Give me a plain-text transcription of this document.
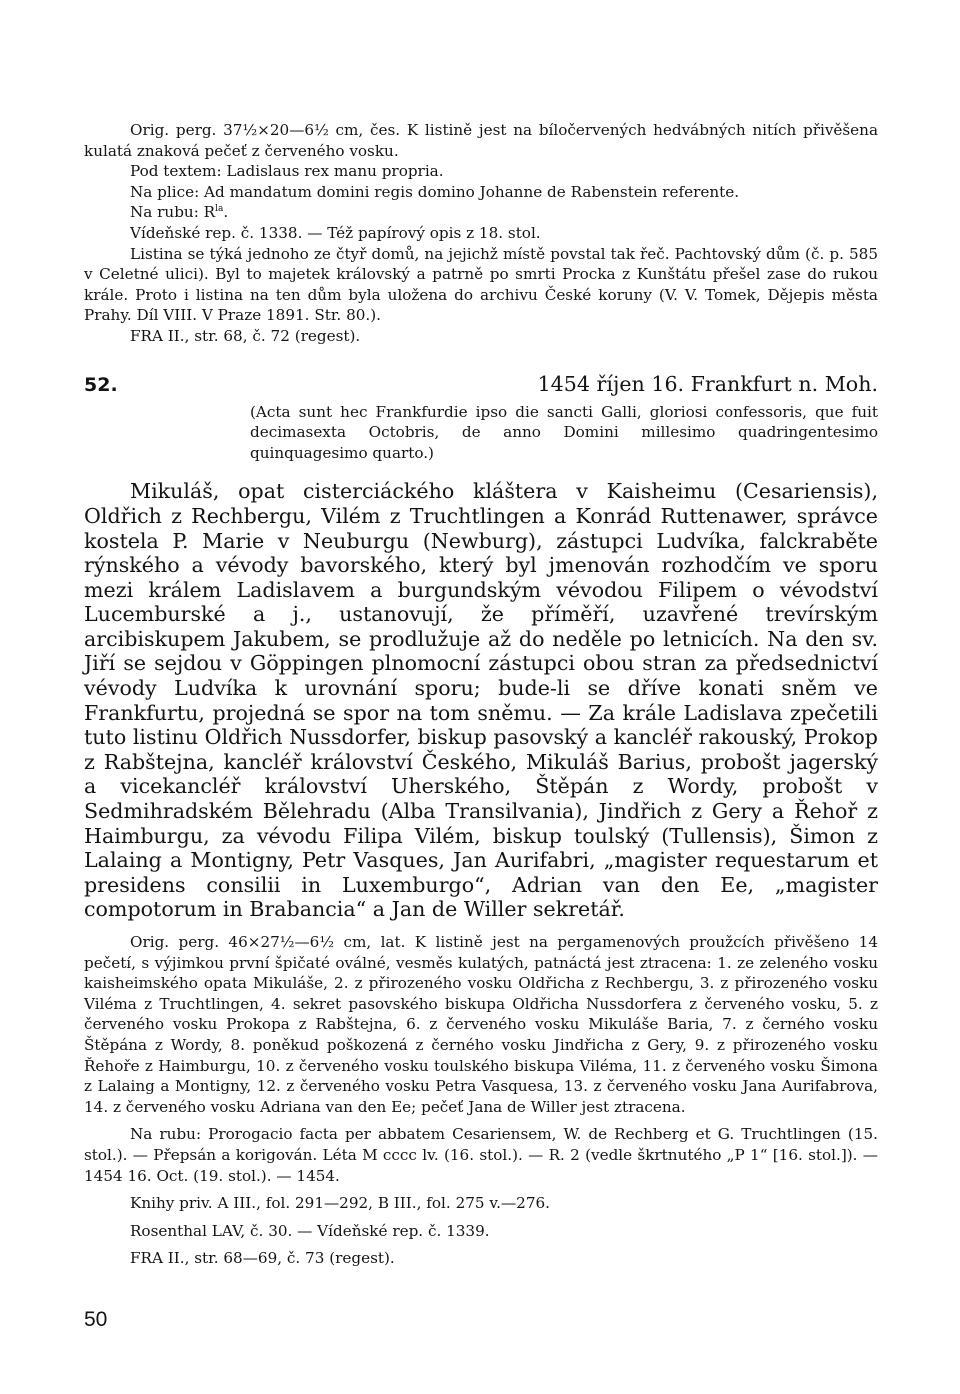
Orig. perg. 37½×20—6½ cm, čes. K listině jest na bíločervených hedvábných nitích přivěšena kulatá znaková pečeť z červeného vosku.

Pod textem: Ladislaus rex manu propria.

Na plice: Ad mandatum domini regis domino Johanne de Rabenstein referente.

Na rubu: $R^{la}$.

Vídeňské rep. č. 1338. — Též papírový opis z 18. stol.

Listina se týká jednoho ze čtyř domů, na jejichž místě povstal tak řeč. Pachtovský dům (č. p. 585 v Celetné ulici). Byl to majetek královský a patrně po smrti Procka z Kunštátu přešel zase do rukou krále. Proto i listina na ten dům byla uložena do archivu České koruny (V. V. Tomek, Dějepis města Prahy. Díl VIII. V Praze 1891. Str. 80.).

FRA II., str. 68, č. 72 (regest).

52.	1454 říjen 16. Frankfurt n. Moh.

(Acta sunt hec Frankfurdie ipso die sancti Galli, gloriosi confessoris, que fuit decimasexta Octobris, de anno Domini millesimo quadringentesimo quinquagesimo quarto.)

Mikuláš, opat cisterciáckého kláštera v Kaisheimu (Cesariensis), Oldřich z Rechbergu, Vilém z Truchtlingen a Konrád Ruttenawer, správce kostela P. Marie v Neuburgu (Newburg), zástupci Ludvíka, falckraběte rýnského a vévody bavorského, který byl jmenován rozhodčím ve sporu mezi králem Ladislavem a burgundským vévodou Filipem o vévodství Lucemburské a j., ustanovují, že příměří, uzavřené trevírským arcibiskupem Jakubem, se prodlužuje až do neděle po letnicích. Na den sv. Jiří se sejdou v Göppingen plnomocní zástupci obou stran za předsednictví vévody Ludvíka k urovnání sporu; bude-li se dříve konati sněm ve Frankfurtu, projedná se spor na tom sněmu. — Za krále Ladislava zpečetili tuto listinu Oldřich Nussdorfer, biskup pasovský a kancléř rakouský, Prokop z Rabštejna, kancléř království Českého, Mikuláš Barius, probošt jagerský a vicekancléř království Uherského, Štěpán z Wordy, probošt v Sedmihradském Bělehradu (Alba Transilvania), Jindřich z Gery a Řehoř z Haimburgu, za vévodu Filipa Vilém, biskup toulský (Tullensis), Šimon z Lalaing a Montigny, Petr Vasques, Jan Aurifabri, „magister requestarum et presidens consilii in Luxemburgo“, Adrian van den Ee, „magister compotorum in Brabancia“ a Jan de Willer sekretář.

Orig. perg. 46×27½—6½ cm, lat. K listině jest na pergamenových proužcích přivěšeno 14 pečetí, s výjimkou první špičaté oválné, vesměs kulatých, patnáctá jest ztracena: 1. ze zeleného vosku kaisheimského opata Mikuláše, 2. z přirozeného vosku Oldřicha z Rechbergu, 3. z přirozeného vosku Viléma z Truchtlingen, 4. sekret pasovského biskupa Oldřicha Nussdorfera z červeného vosku, 5. z červeného vosku Prokopa z Rabštejna, 6. z červeného vosku Mikuláše Baria, 7. z černého vosku Štěpána z Wordy, 8. poněkud poškozená z černého vosku Jindřicha z Gery, 9. z přirozeného vosku Řehoře z Haimburgu, 10. z červeného vosku toulského biskupa Viléma, 11. z červeného vosku Šimona z Lalaing a Montigny, 12. z červeného vosku Petra Vasquesa, 13. z červeného vosku Jana Aurifabrova, 14. z červeného vosku Adriana van den Ee; pečeť Jana de Willer jest ztracena.

Na rubu: Prorogacio facta per abbatem Cesariensem, W. de Rechberg et G. Truchtlingen (15. stol.). — Přepsán a korigován. Léta M cccc lv. (16. stol.). — R. 2 (vedle škrtnutého „P 1“ [16. stol.]). — 1454 16. Oct. (19. stol.). — 1454.

Knihy priv. A III., fol. 291—292, B III., fol. 275 v.—276.

Rosenthal LAV, č. 30. — Vídeňské rep. č. 1339.

FRA II., str. 68—69, č. 73 (regest).

50
